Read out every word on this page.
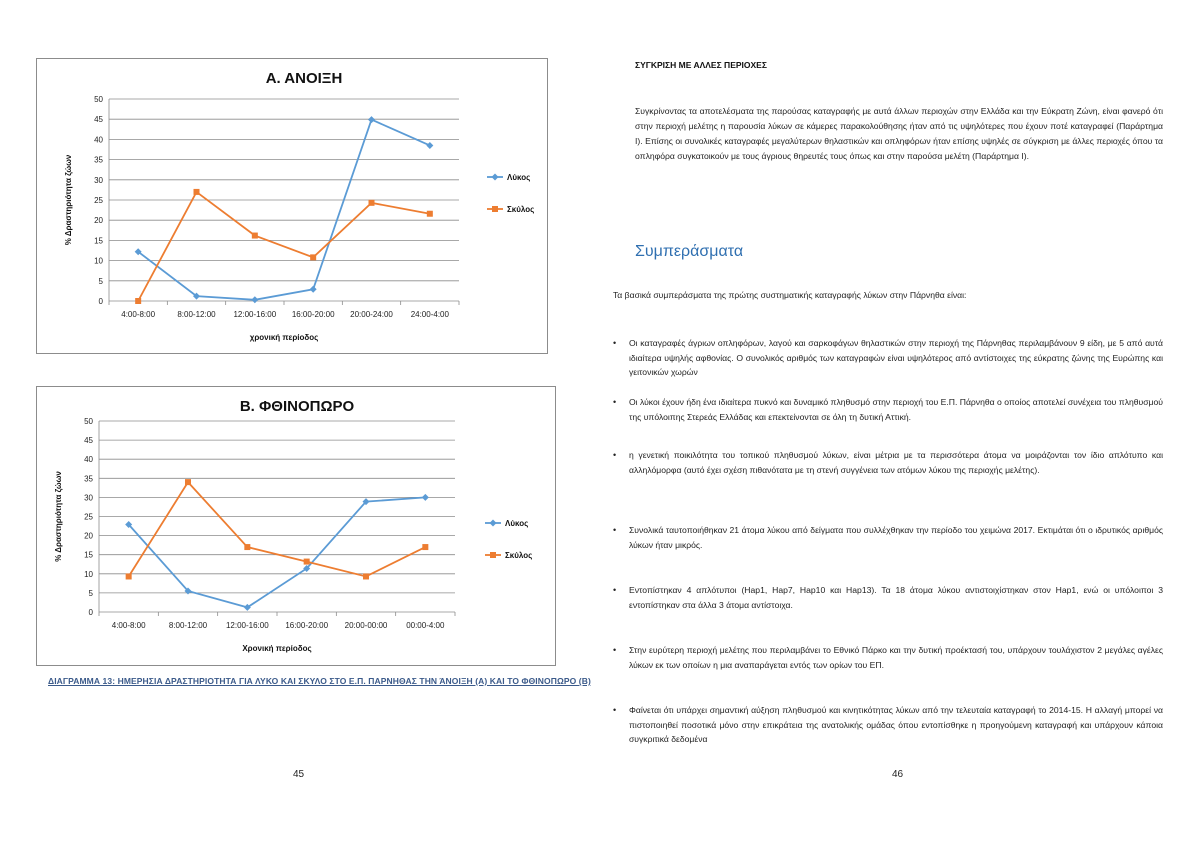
Α. ΑΝΟΙΞΗ
0
5
10
15
20
25
30
35
40
45
50
4:00-8:00	8:00-12:00 12:00-16:00 16:00-20:00 20:00-24:00 24:00-4:00
χρονική περίοδος
% Δραστηριότητα ζώων	Λύκος
Σκύλος
Β. ΦΘΙΝΟΠΩΡΟ
0
5
10
15
20
25
30
35
40
45
50
4:00-8:00	8:00-12:00 12:00-16:00 16:00-20:00 20:00-00:00 00:00-4:00
Χρονική περίοδος
% Δραστηριότητα ζώων	Λύκος
Σκύλος
ΔΙΑΓΡΑΜΜΑ 13: ΗΜΕΡΗΣΙΑ ΔΡΑΣΤΗΡΙΟΤΗΤΑ ΓΙΑ ΛΥΚΟ ΚΑΙ ΣΚΥΛΟ ΣΤΟ Ε.Π. ΠΑΡΝΗΘΑΣ ΤΗΝ ΆΝΟΙΞΗ (Α) ΚΑΙ ΤΟ ΦΘΙΝΟΠΩΡΟ (Β)
45
ΣΥΓΚΡΙΣΗ ΜΕ ΑΛΛΕΣ ΠΕΡΙΟΧΕΣ
Συγκρίνοντας τα αποτελέσματα της παρούσας καταγραφής με αυτά άλλων περιοχών στην Ελλάδα και την Εύκρατη Ζώνη, είναι φανερό ότι στην περιοχή μελέτης η παρουσία λύκων σε κάμερες παρακολούθησης ήταν από τις υψηλότερες που έχουν ποτέ καταγραφεί (Παράρτημα Ι). Επίσης οι συνολικές καταγραφές μεγαλύτερων θηλαστικών και οπληφόρων ήταν επίσης υψηλές σε σύγκριση με άλλες περιοχές όπου τα οπληφόρα συγκατοικούν με τους άγριους θηρευτές τους όπως και στην παρούσα μελέτη (Παράρτημα Ι).
Συμπεράσματα
Τα βασικά συμπεράσματα της πρώτης συστηματικής καταγραφής λύκων στην Πάρνηθα είναι:
•	Οι καταγραφές άγριων οπληφόρων, λαγού και σαρκοφάγων θηλαστικών στην περιοχή της Πάρνηθας περιλαμβάνουν 9 είδη, με 5 από αυτά ιδιαίτερα υψηλής αφθονίας. Ο συνολικός αριθμός των καταγραφών είναι υψηλότερος από αντίστοιχες της εύκρατης ζώνης της Ευρώπης και γειτονικών χωρών
•	Οι λύκοι έχουν ήδη ένα ιδιαίτερα πυκνό και δυναμικό πληθυσμό στην περιοχή του Ε.Π. Πάρνηθα ο οποίος αποτελεί συνέχεια του πληθυσμού της υπόλοιπης Στερεάς Ελλάδας και επεκτείνονται σε όλη τη δυτική Αττική.
•	η γενετική ποικιλότητα του τοπικού πληθυσμού λύκων, είναι μέτρια με τα περισσότερα άτομα να μοιράζονται τον ίδιο απλότυπο και αλληλόμορφα (αυτό έχει σχέση πιθανότατα με τη στενή συγγένεια των ατόμων λύκου της περιοχής μελέτης).
•	Συνολικά ταυτοποιήθηκαν 21 άτομα λύκου από δείγματα που συλλέχθηκαν την περίοδο του χειμώνα 2017. Εκτιμάται ότι ο ιδρυτικός αριθμός λύκων ήταν μικρός.
•	Εντοπίστηκαν 4 απλότυποι (Hap1, Hap7, Hap10 και Hap13). Τα 18 άτομα λύκου αντιστοιχίστηκαν στον Hap1, ενώ οι υπόλοιποι 3 εντοπίστηκαν στα άλλα 3 άτομα αντίστοιχα.
•	Στην ευρύτερη περιοχή μελέτης που περιλαμβάνει το Εθνικό Πάρκο και την δυτική προέκτασή του, υπάρχουν τουλάχιστον 2 μεγάλες αγέλες λύκων εκ των οποίων η μια αναπαράγεται εντός των ορίων του ΕΠ.
•	Φαίνεται ότι υπάρχει σημαντική αύξηση πληθυσμού και κινητικότητας λύκων από την τελευταία καταγραφή το 2014-15. Η αλλαγή μπορεί να πιστοποιηθεί ποσοτικά μόνο στην επικράτεια της ανατολικής ομάδας όπου εντοπίσθηκε η προηγούμενη καταγραφή και υπάρχουν κάποια συγκριτικά δεδομένα
46
